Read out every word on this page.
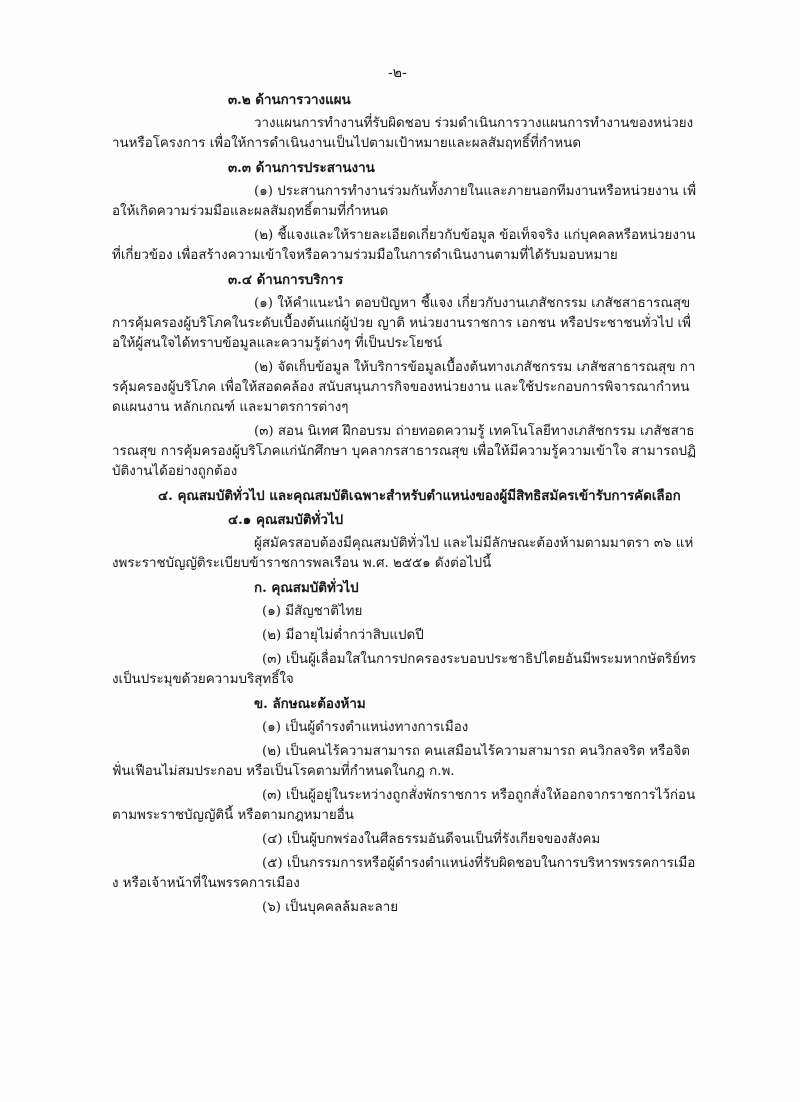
-๒-

๓.๒ ด้านการวางแผน

วางแผนการทำงานที่รับผิดชอบ ร่วมดำเนินการวางแผนการทำงานของหน่วยงานหรือโครงการ เพื่อให้การดำเนินงานเป็นไปตามเป้าหมายและผลสัมฤทธิ์ที่กำหนด

๓.๓ ด้านการประสานงาน

(๑) ประสานการทำงานร่วมกันทั้งภายในและภายนอกทีมงานหรือหน่วยงาน เพื่อให้เกิดความร่วมมือและผลสัมฤทธิ์ตามที่กำหนด

(๒) ชี้แจงและให้รายละเอียดเกี่ยวกับข้อมูล ข้อเท็จจริง แก่บุคคลหรือหน่วยงานที่เกี่ยวข้อง เพื่อสร้างความเข้าใจหรือความร่วมมือในการดำเนินงานตามที่ได้รับมอบหมาย

๓.๔ ด้านการบริการ

(๑) ให้คำแนะนำ ตอบปัญหา ชี้แจง เกี่ยวกับงานเภสัชกรรม เภสัชสาธารณสุข การคุ้มครองผู้บริโภคในระดับเบื้องต้นแก่ผู้ป่วย ญาติ หน่วยงานราชการ เอกชน หรือประชาชนทั่วไป เพื่อให้ผู้สนใจได้ทราบข้อมูลและความรู้ต่างๆ ที่เป็นประโยชน์

(๒) จัดเก็บข้อมูล ให้บริการข้อมูลเบื้องต้นทางเภสัชกรรม เภสัชสาธารณสุข การคุ้มครองผู้บริโภค เพื่อให้สอดคล้อง สนับสนุนภารกิจของหน่วยงาน และใช้ประกอบการพิจารณากำหนดแผนงาน หลักเกณฑ์ และมาตรการต่างๆ

(๓) สอน นิเทศ ฝึกอบรม ถ่ายทอดความรู้ เทคโนโลยีทางเภสัชกรรม เภสัชสาธารณสุข การคุ้มครองผู้บริโภคแก่นักศึกษา บุคลากรสาธารณสุข เพื่อให้มีความรู้ความเข้าใจ สามารถปฏิบัติงานได้อย่างถูกต้อง

๔. คุณสมบัติทั่วไป และคุณสมบัติเฉพาะสำหรับตำแหน่งของผู้มีสิทธิสมัครเข้ารับการคัดเลือก

๔.๑ คุณสมบัติทั่วไป

ผู้สมัครสอบต้องมีคุณสมบัติทั่วไป และไม่มีลักษณะต้องห้ามตามมาตรา ๓๖ แห่งพระราชบัญญัติระเบียบข้าราชการพลเรือน พ.ศ. ๒๕๕๑ ดังต่อไปนี้

ก. คุณสมบัติทั่วไป

(๑) มีสัญชาติไทย

(๒) มีอายุไม่ต่ำกว่าสิบแปดปี

(๓) เป็นผู้เลื่อมใสในการปกครองระบอบประชาธิปไตยอันมีพระมหากษัตริย์ทรงเป็นประมุขด้วยความบริสุทธิ์ใจ

ข. ลักษณะต้องห้าม

(๑) เป็นผู้ดำรงตำแหน่งทางการเมือง

(๒) เป็นคนไร้ความสามารถ คนเสมือนไร้ความสามารถ คนวิกลจริต หรือจิตฟั่นเฟือนไม่สมประกอบ หรือเป็นโรคตามที่กำหนดในกฎ ก.พ.

(๓) เป็นผู้อยู่ในระหว่างถูกสั่งพักราชการ หรือถูกสั่งให้ออกจากราชการไว้ก่อนตามพระราชบัญญัตินี้ หรือตามกฎหมายอื่น

(๔) เป็นผู้บกพร่องในศีลธรรมอันดีจนเป็นที่รังเกียจของสังคม

(๕) เป็นกรรมการหรือผู้ดำรงตำแหน่งที่รับผิดชอบในการบริหารพรรคการเมือง หรือเจ้าหน้าที่ในพรรคการเมือง

(๖) เป็นบุคคลล้มละลาย
